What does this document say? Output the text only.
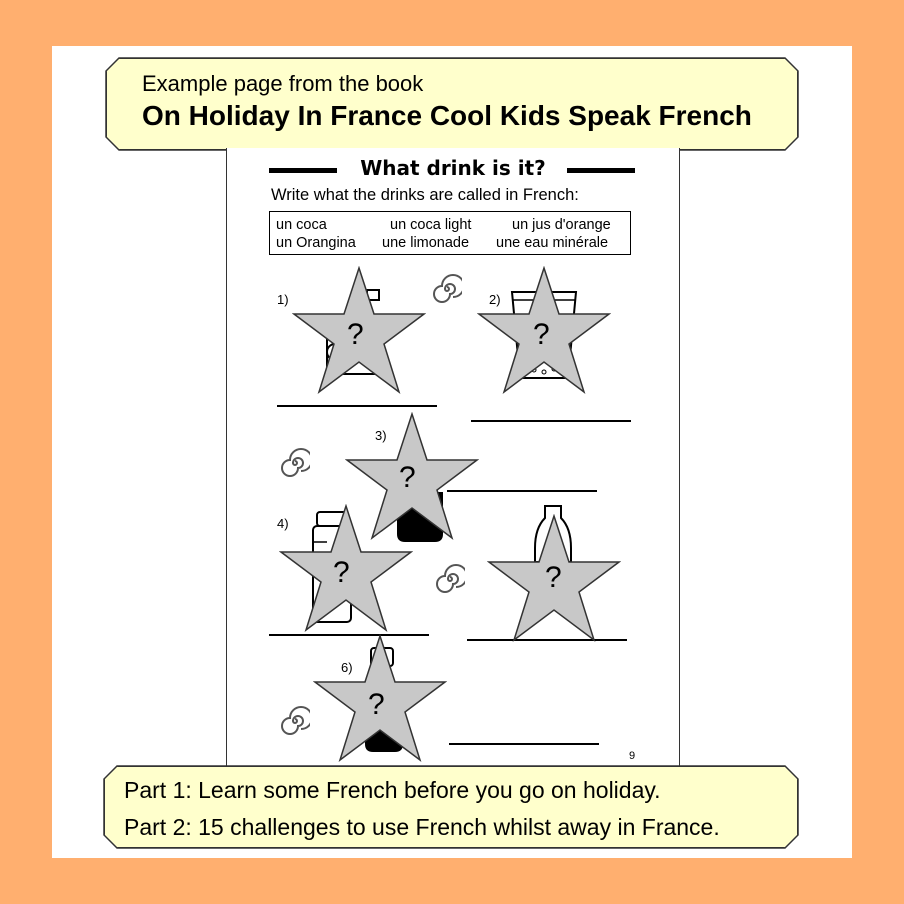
Example page from the book
On Holiday In France Cool Kids Speak French
What drink is it?
Write what the drinks are called in French:
un coca	un coca light	un jus d'orange
un Orangina une limonade une eau minérale
1)	2)
3)
4)
6)
?	?
?
?	?
?
9
Part 1: Learn some French before you go on holiday.
Part 2: 15 challenges to use French whilst away in France.
